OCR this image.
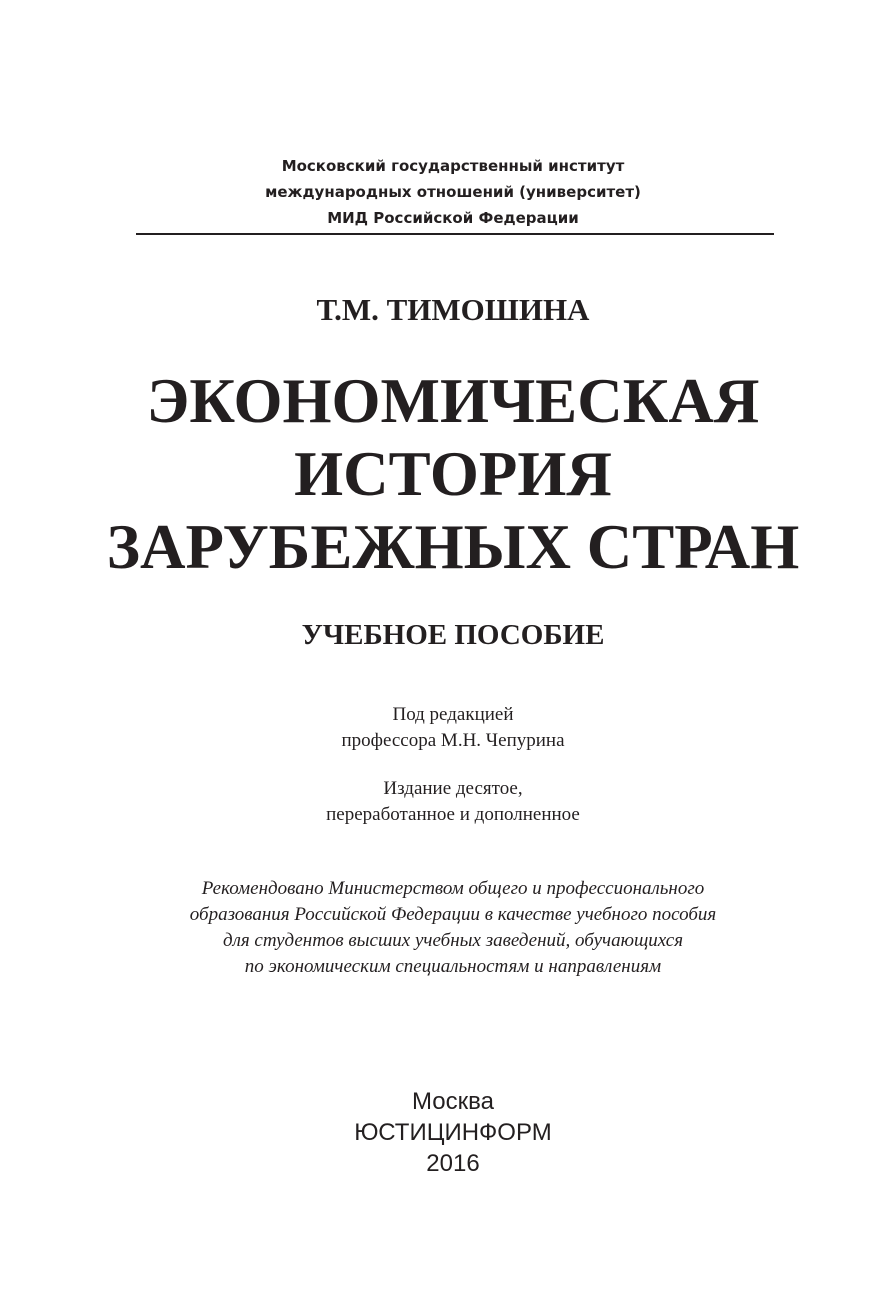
Московский государственный институт
международных отношений (университет)
МИД Российской Федерации
Т.М. ТИМОШИНА
ЭКОНОМИЧЕСКАЯ
ИСТОРИЯ
ЗАРУБЕЖНЫХ СТРАН
УЧЕБНОЕ ПОСОБИЕ
Под редакцией
профессора М.Н. Чепурина
Издание десятое,
переработанное и дополненное
Рекомендовано Министерством общего и профессионального
образования Российской Федерации в качестве учебного пособия
для студентов высших учебных заведений, обучающихся
по экономическим специальностям и направлениям
Москва
ЮСТИЦИНФОРМ
2016
